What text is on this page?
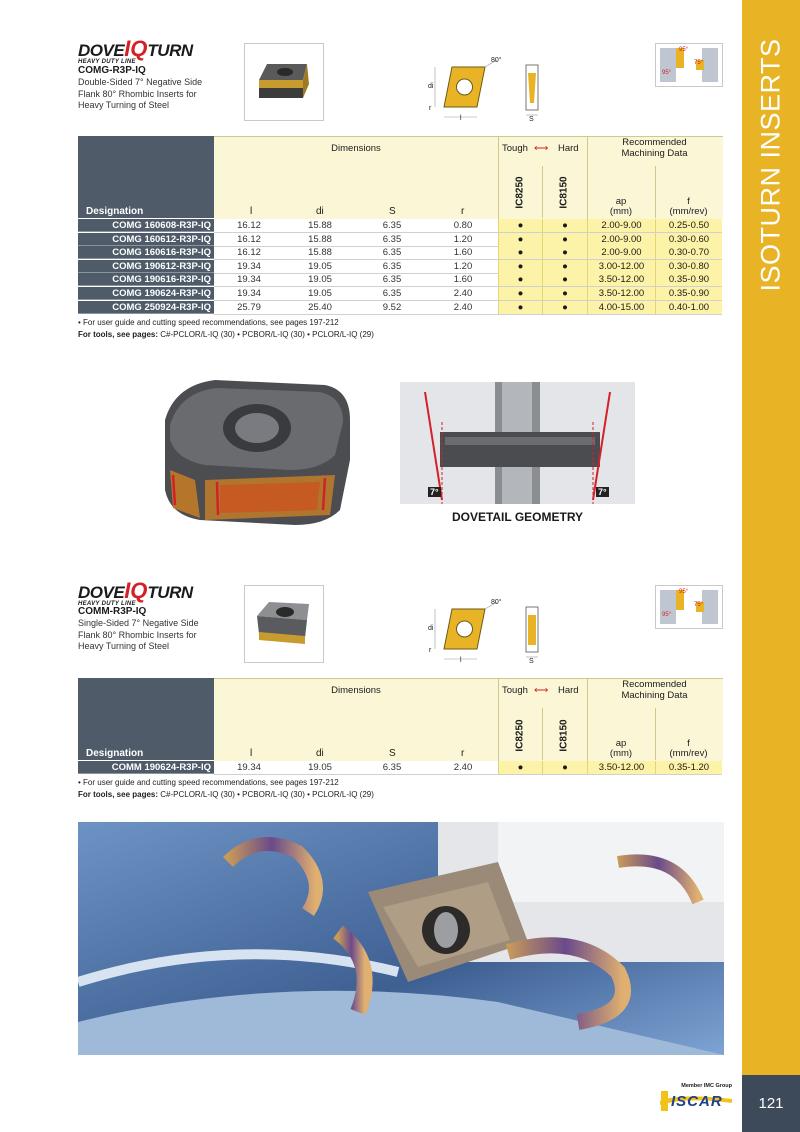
ISOTURN INSERTS
121
Member IMC Group
ISCAR
DOVEIQTURN
HEAVY DUTY LINE
COMG-R3P-IQ
Double-Sided 7° Negative Side
Flank 80° Rhombic Inserts for
Heavy Turning of Steel
80°
di
r
l	S
95°
75°
95°
Dimensions	Tough ⟷ Hard
Recommended
Machining Data
IC8250	IC8150
Designation	l	di	S	r
ap
(mm)
f
(mm/rev)
COMG 160608-R3P-IQ	16.12	15.88	6.35	0.80	●	●	2.00-9.00	0.25-0.50
COMG 160612-R3P-IQ	16.12	15.88	6.35	1.20	●	●	2.00-9.00	0.30-0.60
COMG 160616-R3P-IQ	16.12	15.88	6.35	1.60	●	●	2.00-9.00	0.30-0.70
COMG 190612-R3P-IQ	19.34	19.05	6.35	1.20	●	●	3.00-12.00	0.30-0.80
COMG 190616-R3P-IQ	19.34	19.05	6.35	1.60	●	●	3.50-12.00	0.35-0.90
COMG 190624-R3P-IQ	19.34	19.05	6.35	2.40	●	●	3.50-12.00	0.35-0.90
COMG 250924-R3P-IQ	25.79	25.40	9.52	2.40	●	●	4.00-15.00	0.40-1.00
• For user guide and cutting speed recommendations, see pages 197-212
For tools, see pages: C#-PCLOR/L-IQ (30) • PCBOR/L-IQ (30) • PCLOR/L-IQ (29)
7°	7°
DOVETAIL GEOMETRY
DOVEIQTURN
HEAVY DUTY LINE
COMM-R3P-IQ
Single-Sided 7° Negative Side
Flank 80° Rhombic Inserts for
Heavy Turning of Steel
80°
di
r
l	S
95°
75°
95°
Dimensions	Tough ⟷ Hard
Recommended
Machining Data
IC8250	IC8150
Designation	l	di	S	r
ap
(mm)
f
(mm/rev)
COMM 190624-R3P-IQ	19.34	19.05	6.35	2.40	●	●	3.50-12.00	0.35-1.20
• For user guide and cutting speed recommendations, see pages 197-212
For tools, see pages: C#-PCLOR/L-IQ (30) • PCBOR/L-IQ (30) • PCLOR/L-IQ (29)
